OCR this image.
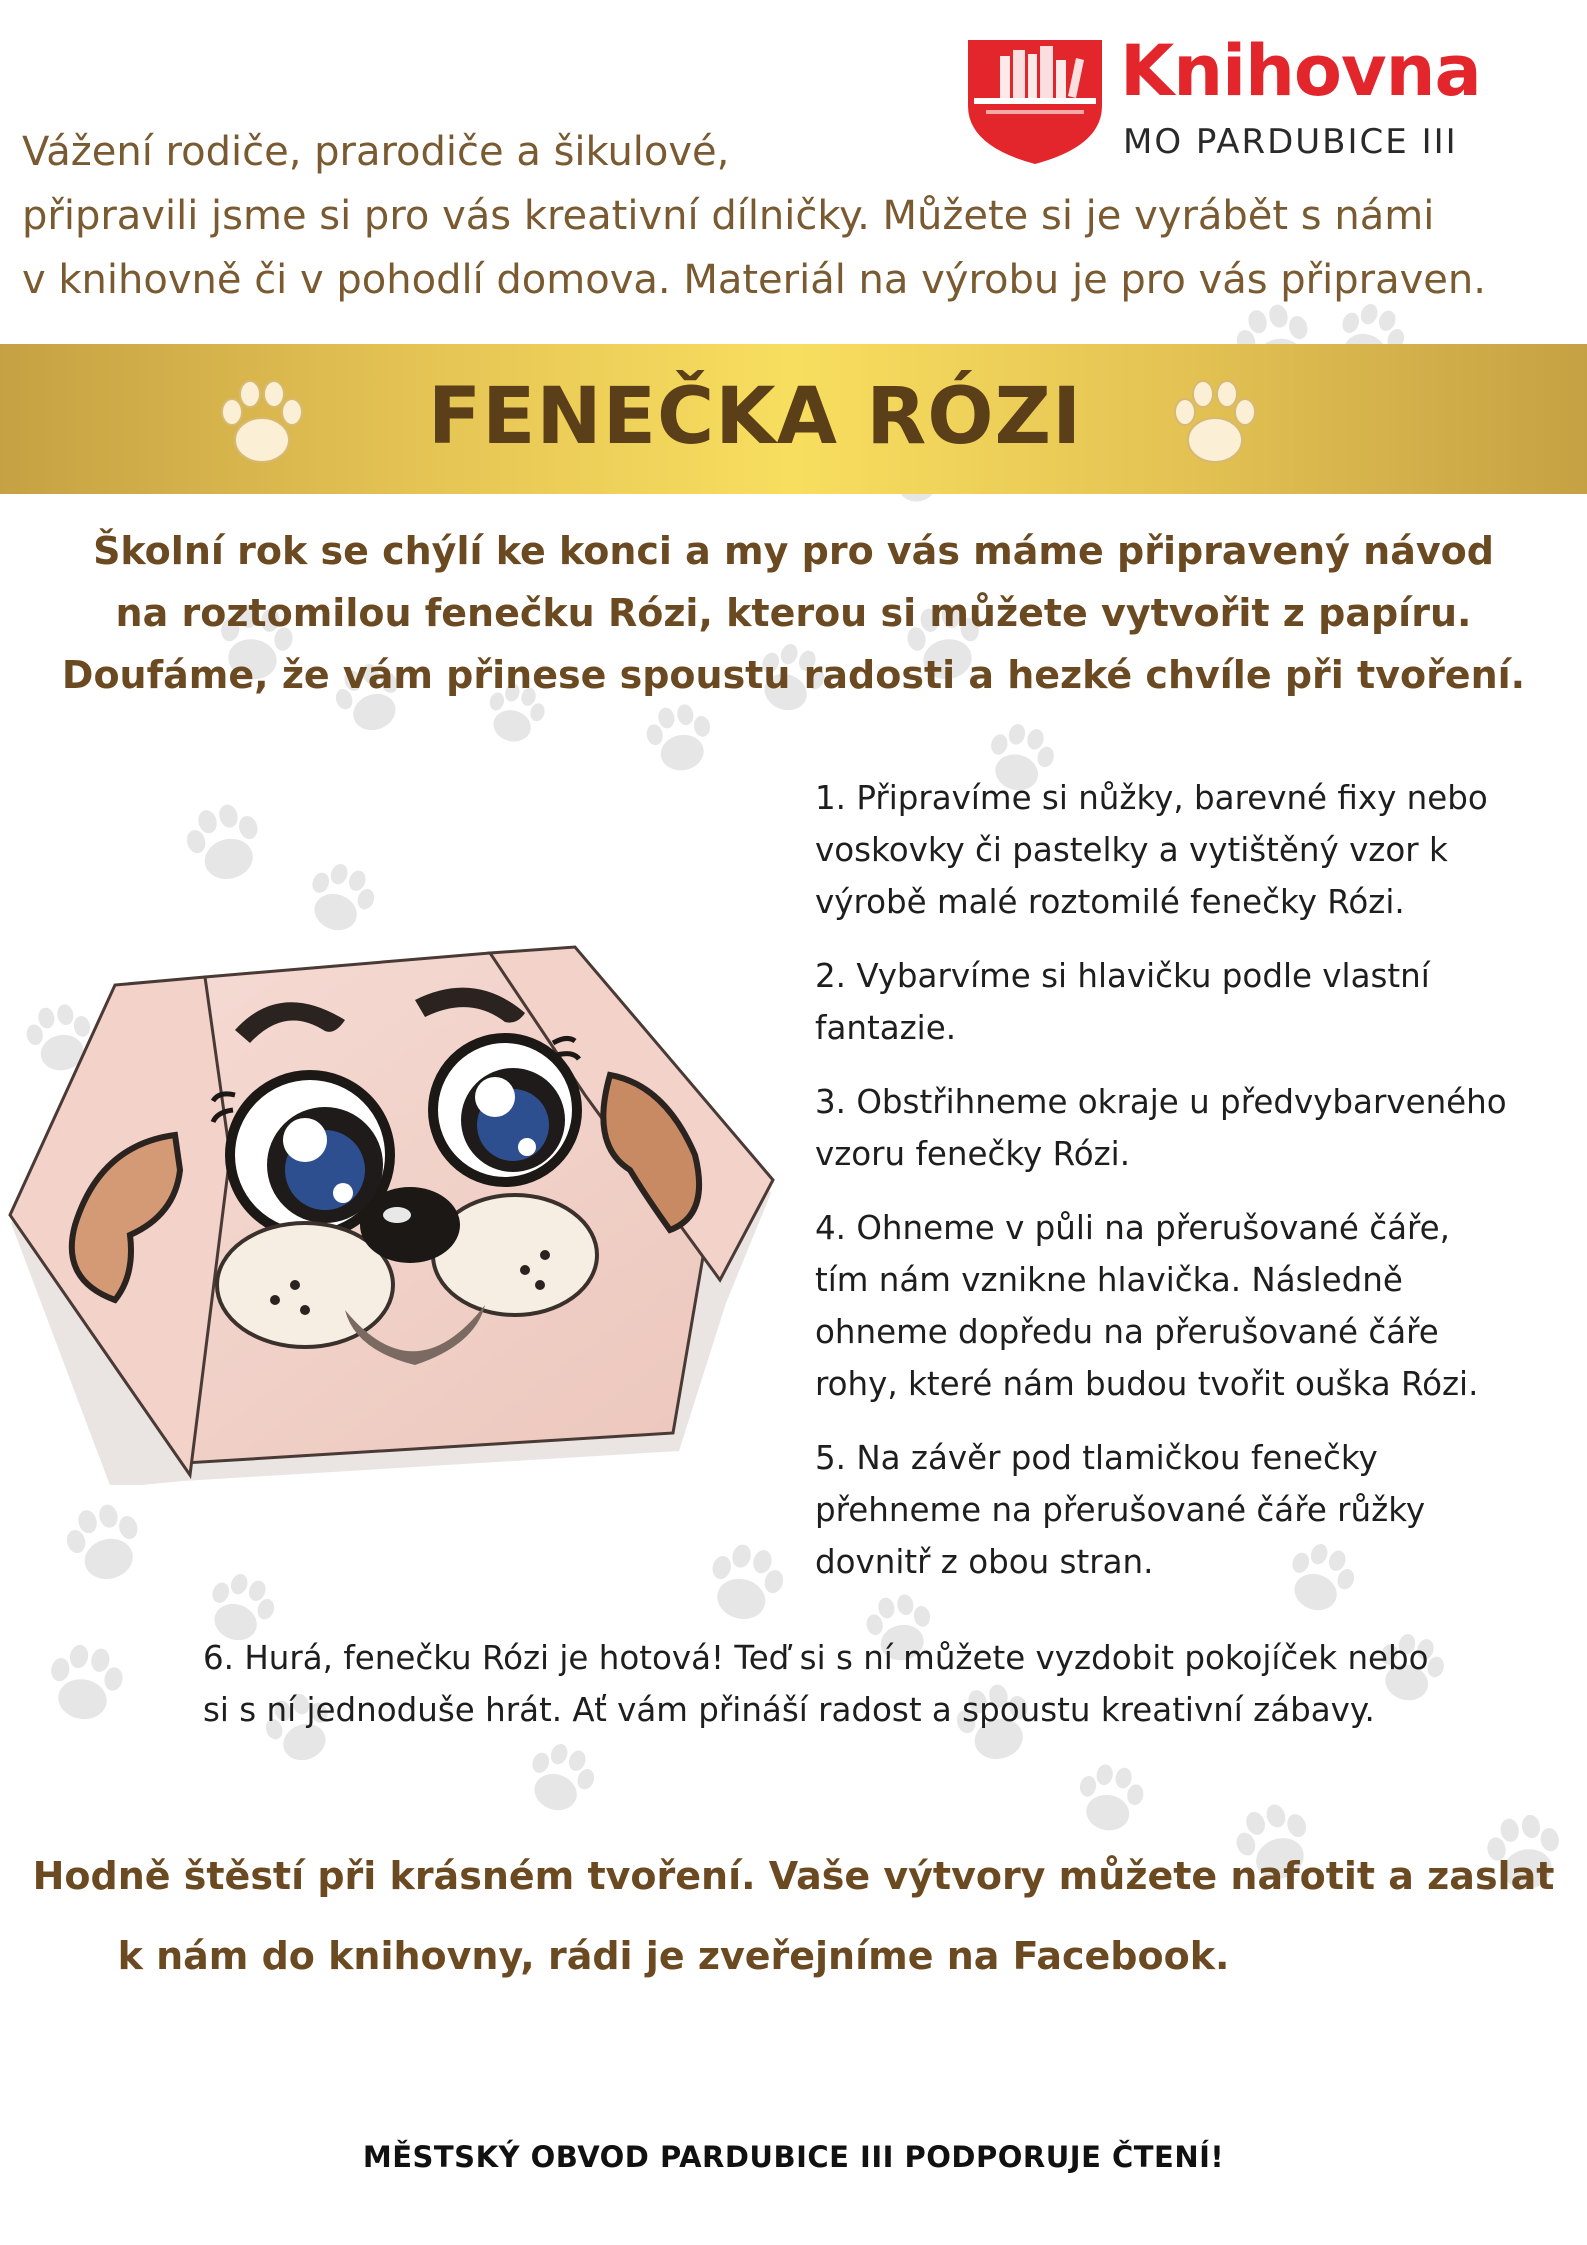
Knihovna
MO PARDUBICE III

Vážení rodiče, prarodiče a šikulové,
připravili jsme si pro vás kreativní dílničky. Můžete si je vyrábět s námi
v knihovně či v pohodlí domova. Materiál na výrobu je pro vás připraven.

FENEČKA RÓZI
Školní rok se chýlí ke konci a my pro vás máme připravený návod
na roztomilou fenečku Rózi, kterou si můžete vytvořit z papíru.
Doufáme, že vám přinese spoustu radosti a hezké chvíle při tvoření.

1. Připravíme si nůžky, barevné fixy nebo
voskovky či pastelky a vytištěný vzor k
výrobě malé roztomilé fenečky Rózi.

2. Vybarvíme si hlavičku podle vlastní
fantazie.

3. Obstřihneme okraje u předvybarveného
vzoru fenečky Rózi.

4. Ohneme v půli na přerušované čáře,
tím nám vznikne hlavička. Následně
ohneme dopředu na přerušované čáře
rohy, které nám budou tvořit ouška Rózi.

5. Na závěr pod tlamičkou fenečky
přehneme na přerušované čáře růžky
dovnitř z obou stran.

6. Hurá, fenečku Rózi je hotová! Teď si s ní můžete vyzdobit pokojíček nebo
si s ní jednoduše hrát. Ať vám přináší radost a spoustu kreativní zábavy.

Hodně štěstí při krásném tvoření. Vaše výtvory můžete nafotit a zaslat
k nám do knihovny, rádi je zveřejníme na Facebook.
MĚSTSKÝ OBVOD PARDUBICE III PODPORUJE ČTENÍ!
